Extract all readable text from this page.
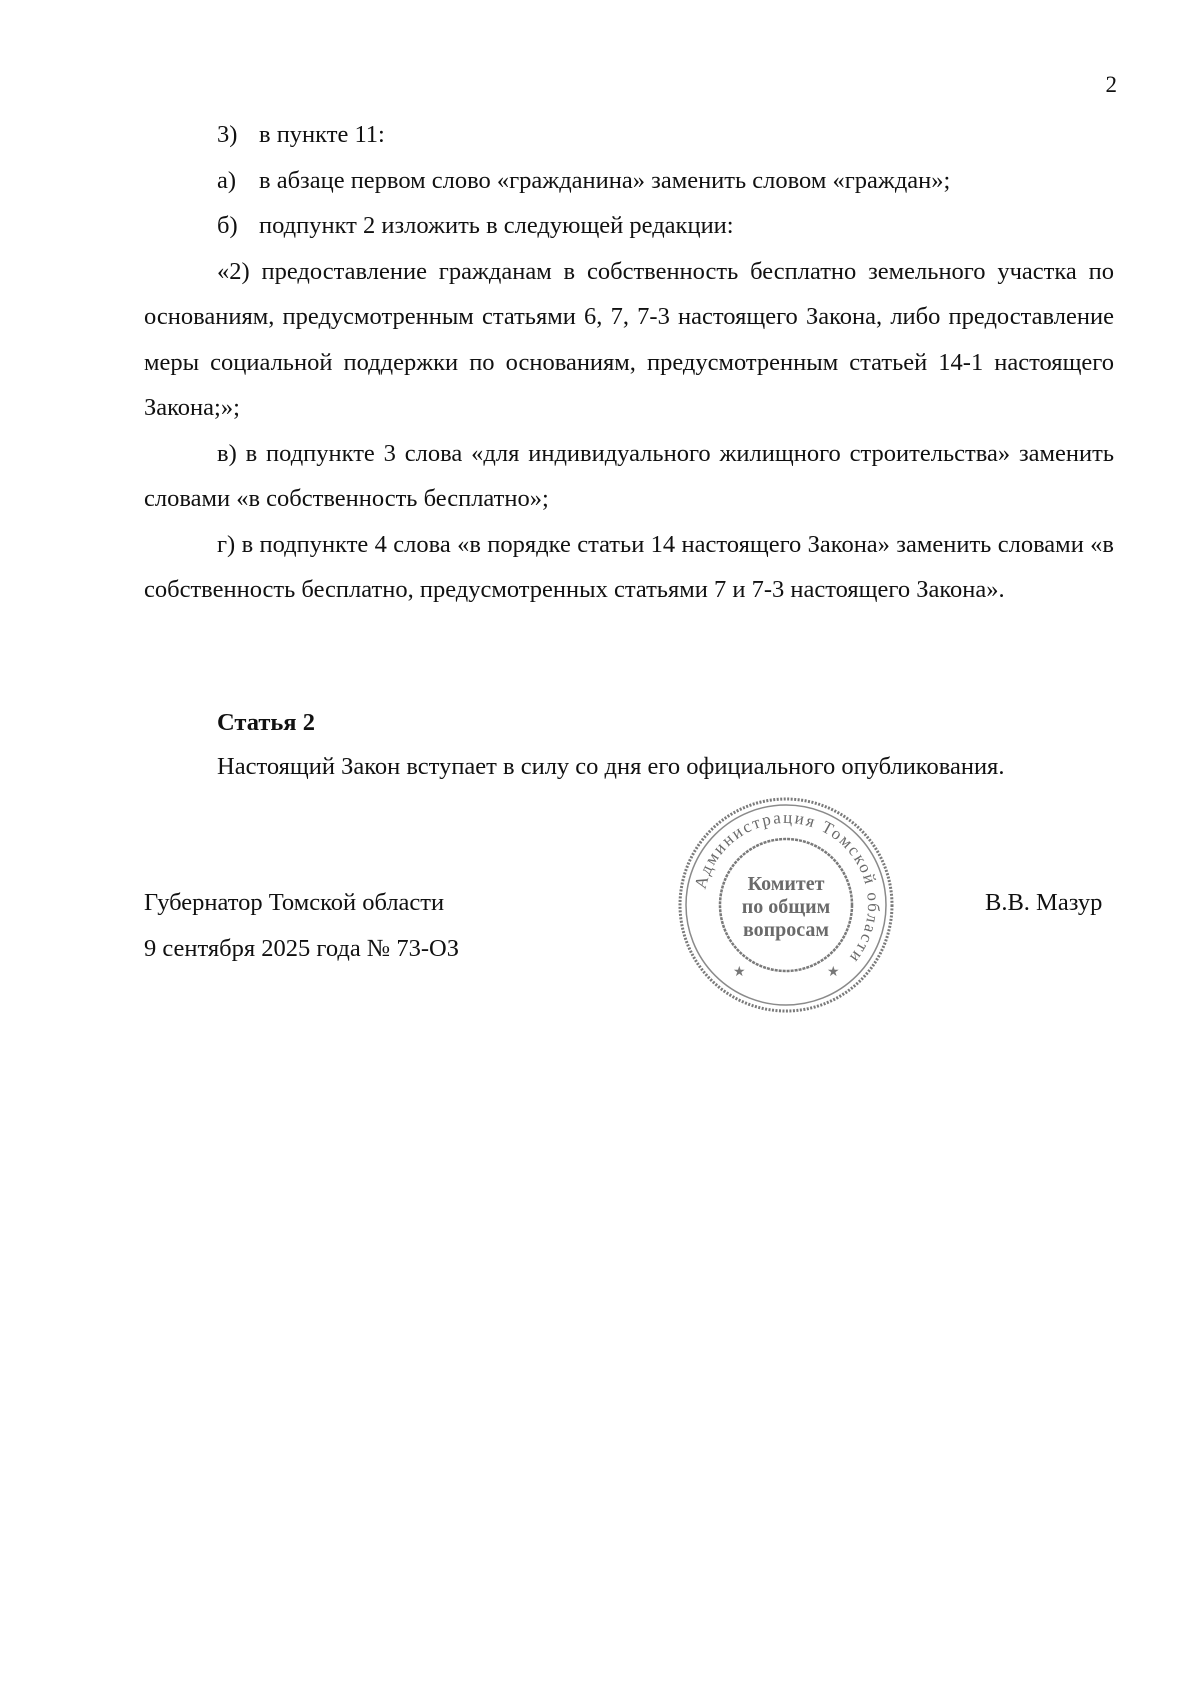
2
3) в пункте 11:
а) в абзаце первом слово «гражданина» заменить словом «граждан»;
б) подпункт 2 изложить в следующей редакции:

«2) предоставление гражданам в собственность бесплатно земельного участка по основаниям, предусмотренным статьями 6, 7, 7-3 настоящего Закона, либо предоставление меры социальной поддержки по основаниям, предусмотренным статьей 14-1 настоящего Закона;»;

в) в подпункте 3 слова «для индивидуального жилищного строительства» заменить словами «в собственность бесплатно»;

г) в подпункте 4 слова «в порядке статьи 14 настоящего Закона» заменить словами «в собственность бесплатно, предусмотренных статьями 7 и 7-3 настоящего Закона».

Статья 2
Настоящий Закон вступает в силу со дня его официального опубликования.
Губернатор Томской области
9 сентября 2025 года № 73-ОЗ
В.В. Мазур
Администрация Томской области
★	★
Комитет
по общим
вопросам
